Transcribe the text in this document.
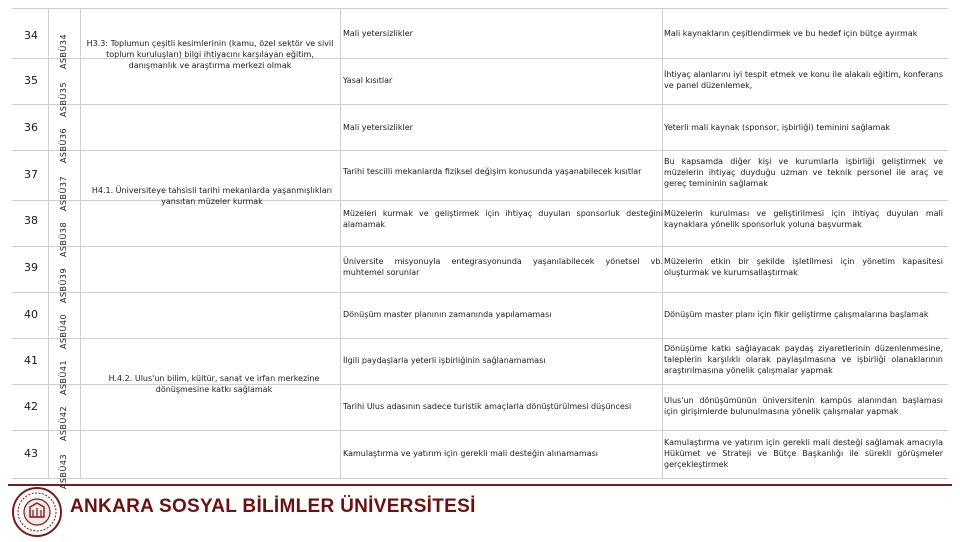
34
35
36
37
38
39
40
41
42
43
ASBÜ34
ASBÜ35
ASBÜ36
ASBÜ37
ASBÜ38
ASBÜ39
ASBÜ40
ASBÜ41
ASBÜ42
ASBÜ43
H3.3: Toplumun çeşitli kesimlerinin (kamu, özel sektör ve sivil toplum kuruluşları) bilgi ihtiyacını karşılayan eğitim, danışmanlık ve araştırma merkezi olmak
H4.1. Üniversiteye tahsisli tarihi mekanlarda yaşanmışlıkları yansıtan müzeler kurmak
H.4.2. Ulus'un bilim, kültür, sanat ve irfan merkezine dönüşmesine katkı sağlamak
Mali yetersizlikler
Yasal kısıtlar
Mali yetersizlikler
Tarihi tescilli mekanlarda fiziksel değişim konusunda yaşanabilecek kısıtlar
Müzeleri kurmak ve geliştirmek için ihtiyaç duyulan sponsorluk desteğini alamamak
Üniversite misyonuyla entegrasyonunda yaşanılabilecek yönetsel vb. muhtemel sorunlar
Dönüşüm master planının zamanında yapılamaması
İlgili paydaşlarla yeterli işbirliğinin sağlanamaması
Tarihi Ulus adasının sadece turistik amaçlarla dönüştürülmesi düşüncesi
Kamulaştırma ve yatırım için gerekli mali desteğin alınamaması
Mali kaynakların çeşitlendirmek ve bu hedef için bütçe ayırmak
İhtiyaç alanlarını iyi tespit etmek ve konu ile alakalı eğitim, konferans ve panel düzenlemek,
Yeterli mali kaynak (sponsor, işbirliği) teminini sağlamak
Bu kapsamda diğer kişi ve kurumlarla işbirliği geliştirmek ve müzelerin ihtiyaç duyduğu uzman ve teknik personel ile araç ve gereç temininin sağlamak
Müzelerin kurulması ve geliştirilmesi için ihtiyaç duyulan mali kaynaklara yönelik sponsorluk yoluna başvurmak
Müzelerin etkin bir şekilde işletilmesi için yönetim kapasitesi oluşturmak ve kurumsallaştırmak
Dönüşüm master planı için fikir geliştirme çalışmalarına başlamak
Dönüşüme katkı sağlayacak paydaş ziyaretlerinin düzenlenmesine, taleplerin karşılıklı olarak paylaşılmasına ve işbirliği olanaklarının araştırılmasına yönelik çalışmalar yapmak
Ulus'un dönüşümünün üniversitenin kampüs alanından başlaması için girişimlerde bulunulmasına yönelik çalışmalar yapmak
Kamulaştırma ve yatırım için gerekli mali desteği sağlamak amacıyla Hükümet ve Strateji ve Bütçe Başkanlığı ile sürekli görüşmeler gerçekleştirmek
ANKARA SOSYAL BİLİMLER ÜNİVERSİTESİ
